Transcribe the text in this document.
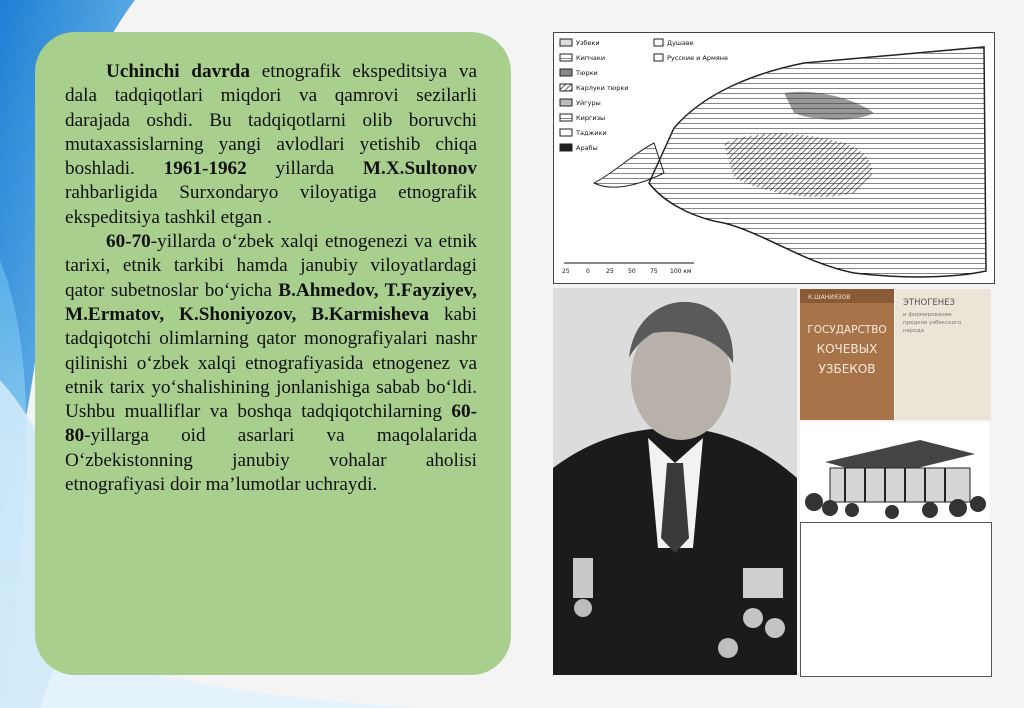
Uchinchi davrda etnografik ekspeditsiya va dala tadqiqotlari miqdori va qamrovi sezilarli darajada oshdi. Bu tadqiqotlarni olib boruvchi mutaxassislarning yangi avlodlari yetishib chiqa boshladi. 1961-1962 yillarda M.X.Sultonov rahbarligida Surxondaryo viloyatiga etnografik ekspeditsiya tashkil etgan .

60-70-yillarda o‘zbek xalqi etnogenezi va etnik tarixi, etnik tarkibi hamda janubiy viloyatlardagi qator subetnoslar bo‘yicha B.Ahmedov, T.Fayziyev, M.Ermatov, K.Shoniyozov, B.Karmisheva kabi tadqiqotchi olimlarning qator monografiyalari nashr qilinishi o‘zbek xalqi etnografiyasida etnogenez va etnik tarix yo‘shalishining jonlanishiga sabab bo‘ldi. Ushbu mualliflar va boshqa tadqiqotchilarning 60-80-yillarga oid asarlari va maqolalarida O‘zbekistonning janubiy vohalar aholisi etnografiyasi doir ma’lumotlar uchraydi.

Узбеки
Кипчаки
Тюрки
Карлуки тюрки
Уйгуры
Киргизы
Таджики
Арабы
Душаве
Русские и Армяне
25	0	25 50 75 100 км
К.ШАНИЯЗОВ
ГОСУДАРСТВО
КОЧЕВЫХ
УЗБЕКОВ
ЭТНОГЕНЕЗ
и формирование
предков узбекского
народа
